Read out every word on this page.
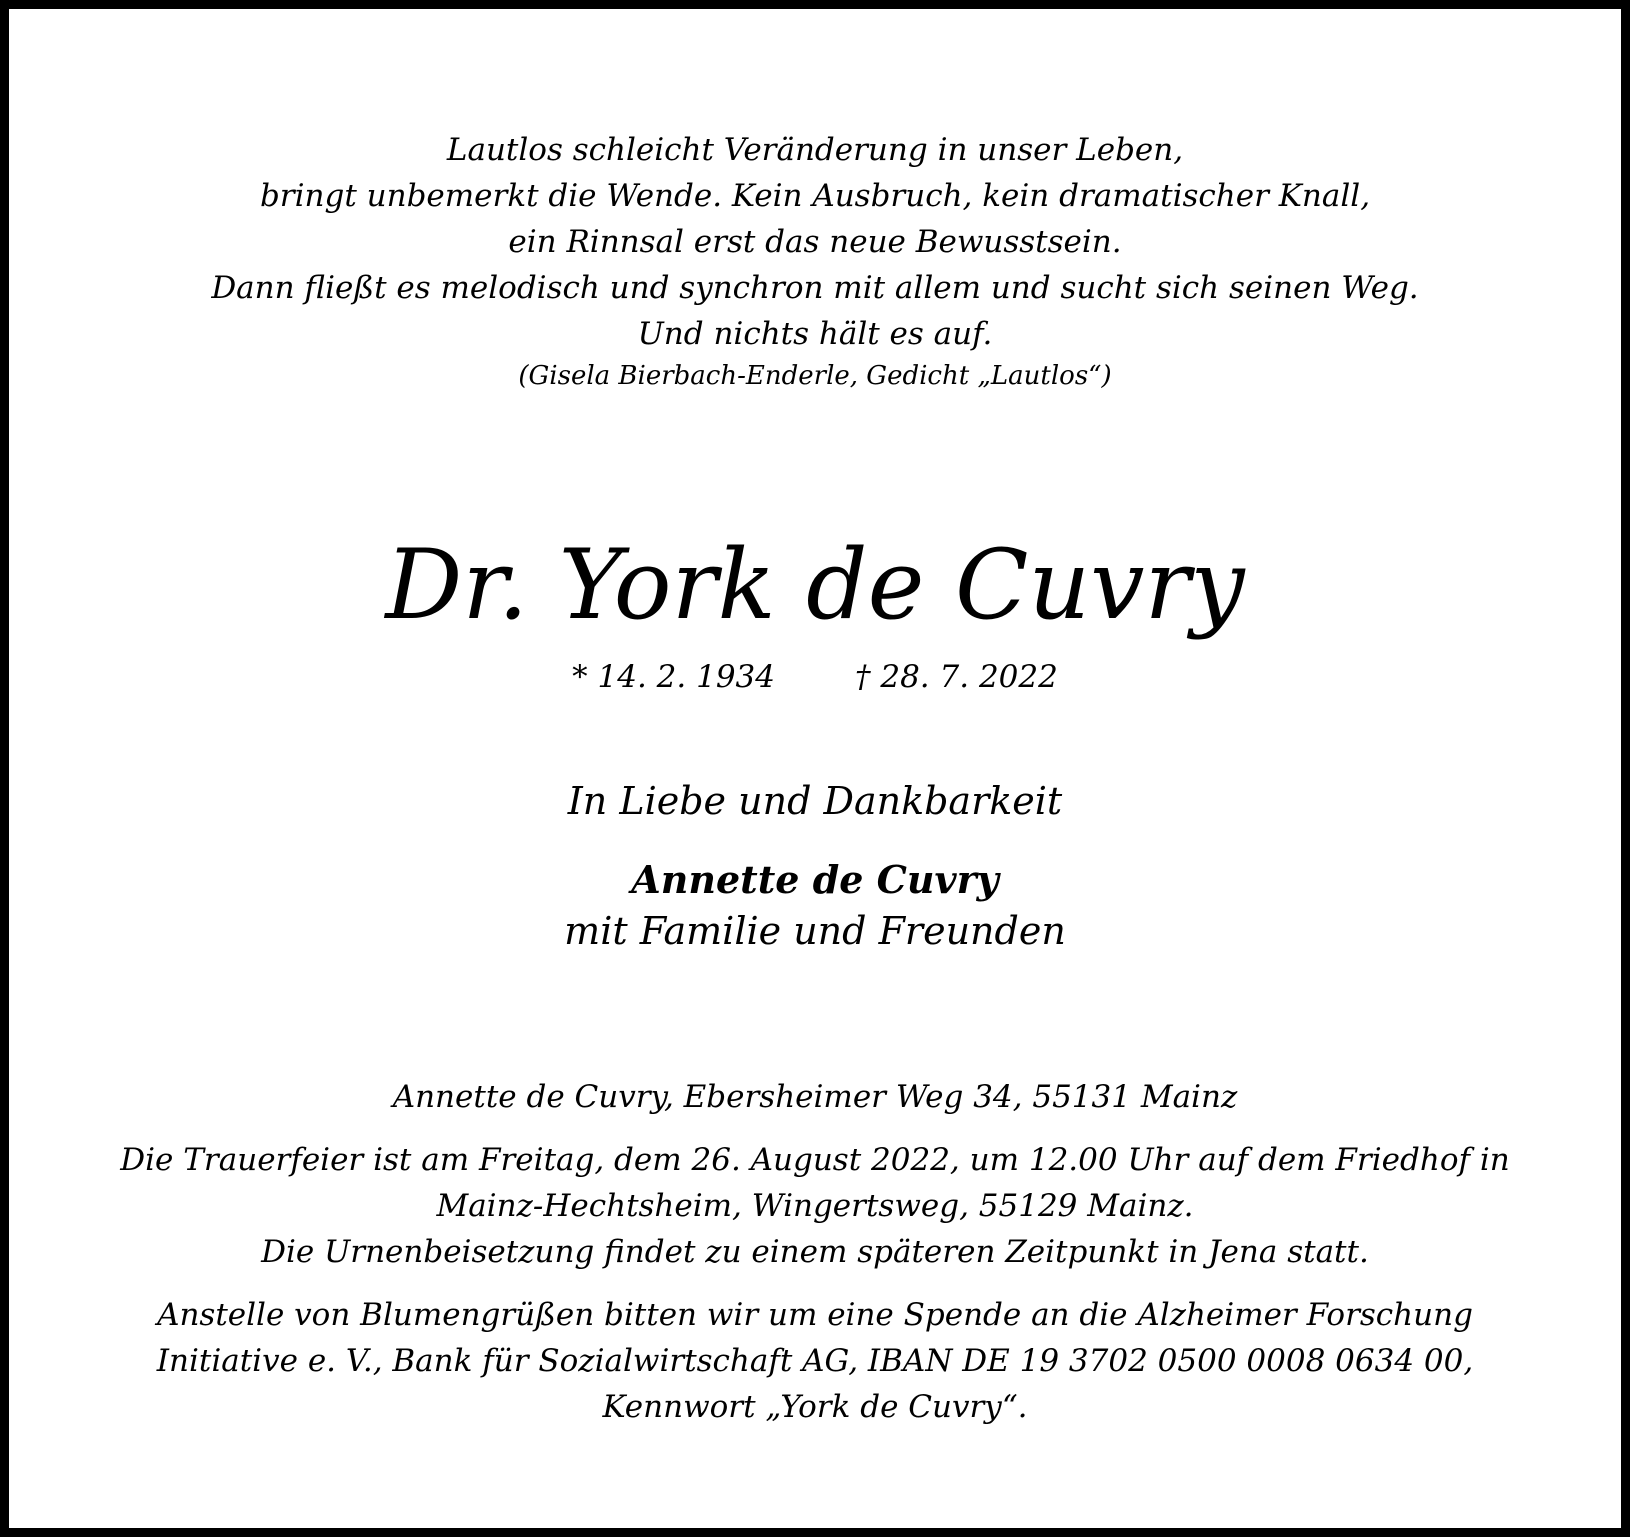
Lautlos schleicht Veränderung in unser Leben,
bringt unbemerkt die Wende. Kein Ausbruch, kein dramatischer Knall,
ein Rinnsal erst das neue Bewusstsein.
Dann fließt es melodisch und synchron mit allem und sucht sich seinen Weg.
Und nichts hält es auf.
(Gisela Bierbach-Enderle, Gedicht „Lautlos“)
Dr. York de Cuvry
* 14. 2. 1934	† 28. 7. 2022
In Liebe und Dankbarkeit
Annette de Cuvry
mit Familie und Freunden
Annette de Cuvry, Ebersheimer Weg 34, 55131 Mainz
Die Trauerfeier ist am Freitag, dem 26. August 2022, um 12.00 Uhr auf dem Friedhof in
Mainz-Hechtsheim, Wingertsweg, 55129 Mainz.
Die Urnenbeisetzung findet zu einem späteren Zeitpunkt in Jena statt.
Anstelle von Blumengrüßen bitten wir um eine Spende an die Alzheimer Forschung
Initiative e. V., Bank für Sozialwirtschaft AG, IBAN DE 19 3702 0500 0008 0634 00,
Kennwort „York de Cuvry“.
